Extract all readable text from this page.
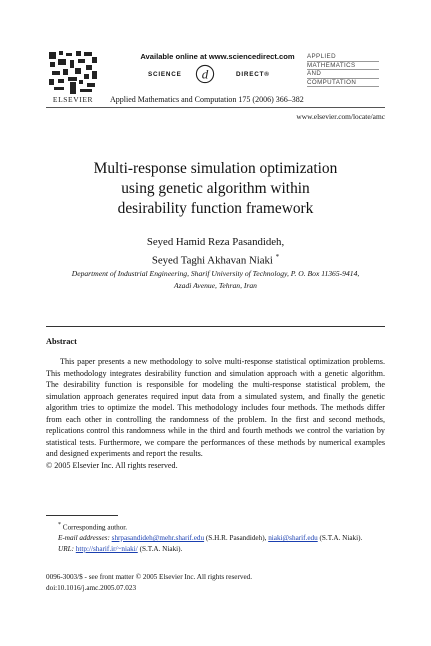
ELSEVIER
Available online at www.sciencedirect.com
SCIENCE d	DIRECT®
APPLIED
MATHEMATICS
AND
COMPUTATION
Applied Mathematics and Computation 175 (2006) 366–382
www.elsevier.com/locate/amc
Multi-response simulation optimization
using genetic algorithm within
desirability function framework
Seyed Hamid Reza Pasandideh,
Seyed Taghi Akhavan Niaki *
Department of Industrial Engineering, Sharif University of Technology, P. O. Box 11365-9414,
Azadi Avenue, Tehran, Iran
Abstract

This paper presents a new methodology to solve multi-response statistical optimization problems. This methodology integrates desirability function and simulation approach with a genetic algorithm. The desirability function is responsible for modeling the multi-response statistical problem, the simulation approach generates required input data from a simulated system, and finally the genetic algorithm tries to optimize the model. This methodology includes four methods. The methods differ from each other in controlling the randomness of the problem. In the first and second methods, replications control this randomness while in the third and fourth methods we control the variation by statistical tests. Furthermore, we compare the performances of these methods by numerical examples and designed experiments and report the results.

© 2005 Elsevier Inc. All rights reserved.

* Corresponding author.

E-mail addresses: shrpasandideh@mehr.sharif.edu (S.H.R. Pasandideh), niaki@sharif.edu (S.T.A. Niaki).

URL: http://sharif.ir/~niaki/ (S.T.A. Niaki).

0096-3003/$ - see front matter © 2005 Elsevier Inc. All rights reserved.
doi:10.1016/j.amc.2005.07.023
